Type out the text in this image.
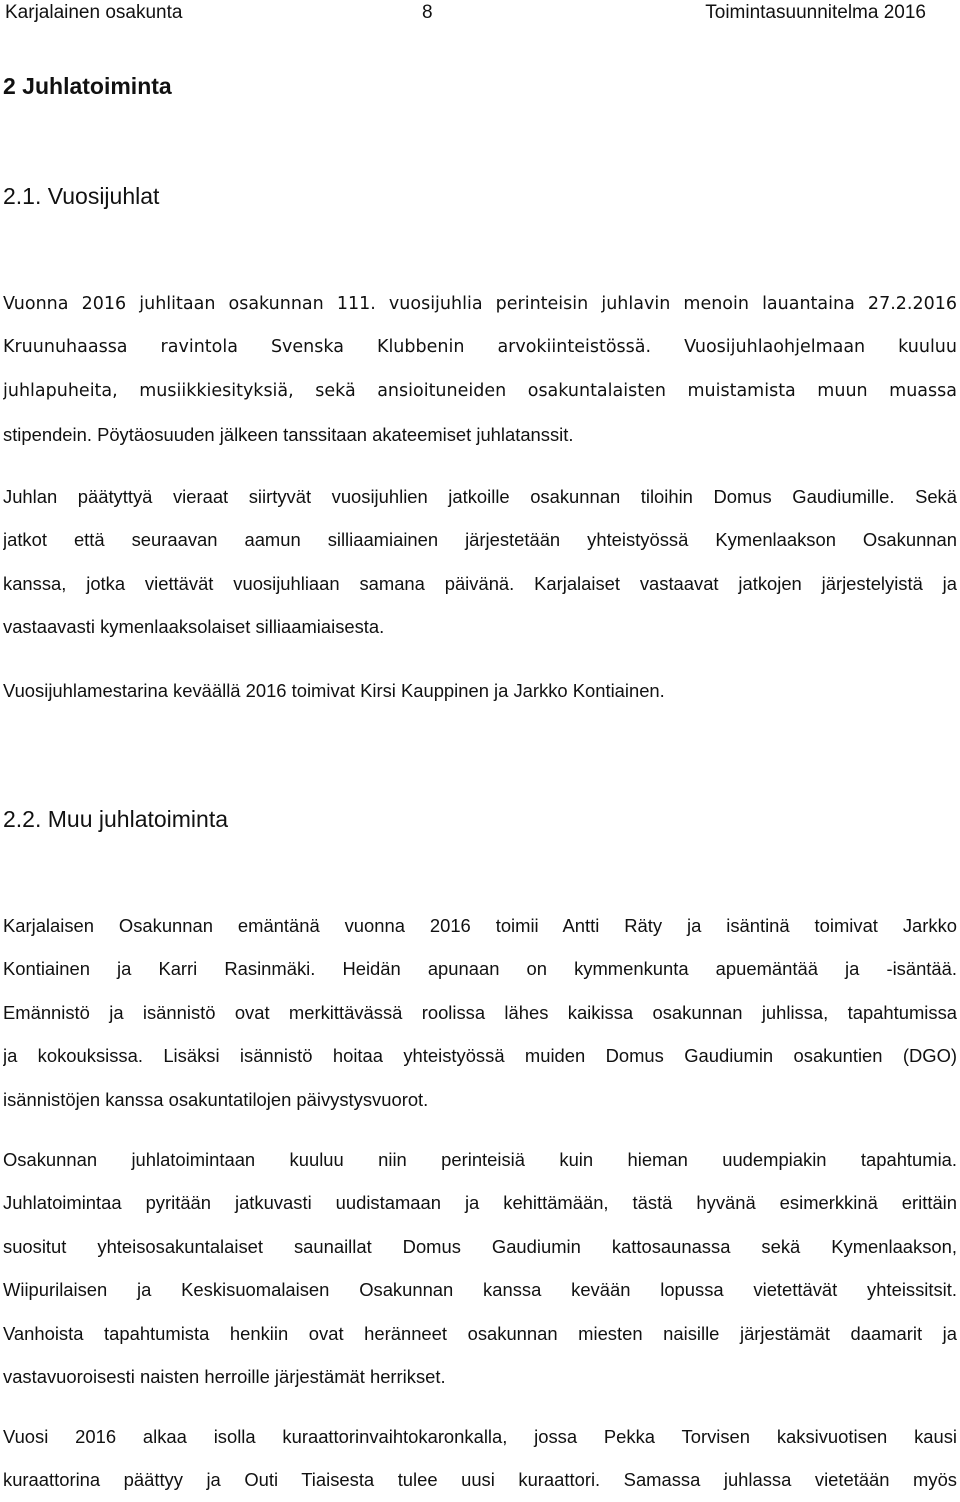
Karjalainen osakunta	8	Toimintasuunnitelma 2016
2 Juhlatoiminta
2.1. Vuosijuhlat
Vuonna 2016 juhlitaan osakunnan 111. vuosijuhlia perinteisin juhlavin menoin lauantaina 27.2.2016
Kruunuhaassa ravintola Svenska Klubbenin arvokiinteistössä. Vuosijuhlaohjelmaan kuuluu
juhlapuheita, musiikkiesityksiä, sekä ansioituneiden osakuntalaisten muistamista muun muassa
stipendein. Pöytäosuuden jälkeen tanssitaan akateemiset juhlatanssit.
Juhlan päätyttyä vieraat siirtyvät vuosijuhlien jatkoille osakunnan tiloihin Domus Gaudiumille. Sekä
jatkot että seuraavan aamun silliaamiainen järjestetään yhteistyössä Kymenlaakson Osakunnan
kanssa, jotka viettävät vuosijuhliaan samana päivänä. Karjalaiset vastaavat jatkojen järjestelyistä ja
vastaavasti kymenlaaksolaiset silliaamiaisesta.
Vuosijuhlamestarina keväällä 2016 toimivat Kirsi Kauppinen ja Jarkko Kontiainen.
2.2. Muu juhlatoiminta
Karjalaisen Osakunnan emäntänä vuonna 2016 toimii Antti Räty ja isäntinä toimivat Jarkko
Kontiainen ja Karri Rasinmäki. Heidän apunaan on kymmenkunta apuemäntää ja -isäntää.
Emännistö ja isännistö ovat merkittävässä roolissa lähes kaikissa osakunnan juhlissa, tapahtumissa
ja kokouksissa. Lisäksi isännistö hoitaa yhteistyössä muiden Domus Gaudiumin osakuntien (DGO)
isännistöjen kanssa osakuntatilojen päivystysvuorot.
Osakunnan juhlatoimintaan kuuluu niin perinteisiä kuin hieman uudempiakin tapahtumia.
Juhlatoimintaa pyritään jatkuvasti uudistamaan ja kehittämään, tästä hyvänä esimerkkinä erittäin
suositut yhteisosakuntalaiset saunaillat Domus Gaudiumin kattosaunassa sekä Kymenlaakson,
Wiipurilaisen ja Keskisuomalaisen Osakunnan kanssa kevään lopussa vietettävät yhteissitsit.
Vanhoista tapahtumista henkiin ovat heränneet osakunnan miesten naisille järjestämät daamarit ja
vastavuoroisesti naisten herroille järjestämät herrikset.
Vuosi 2016 alkaa isolla kuraattorinvaihtokaronkalla, jossa Pekka Torvisen kaksivuotisen kausi
kuraattorina päättyy ja Outi Tiaisesta tulee uusi kuraattori. Samassa juhlassa vietetään myös
